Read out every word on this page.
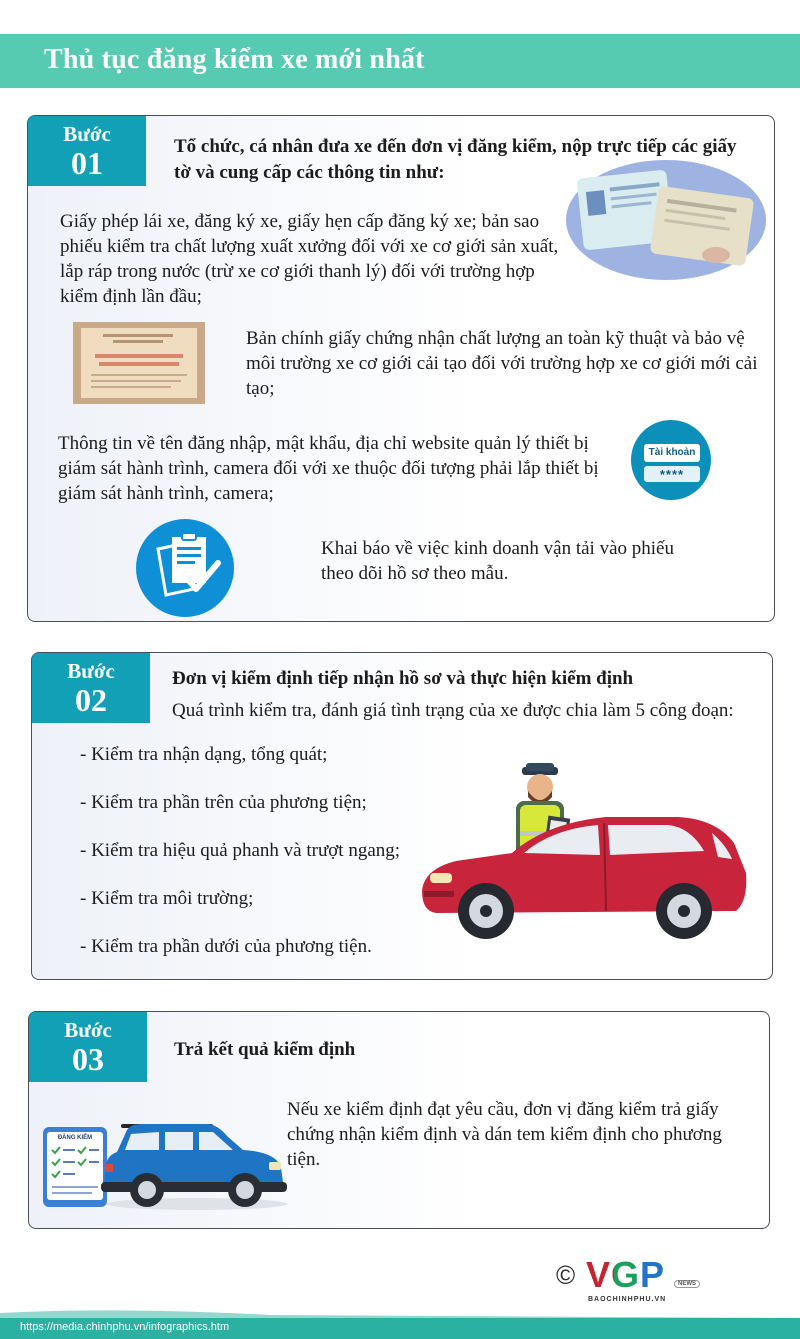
Thủ tục đăng kiểm xe mới nhất
Bước
01	Tổ chức, cá nhân đưa xe đến đơn vị đăng kiểm, nộp trực tiếp các giấy tờ và cung cấp các thông tin như:
Giấy phép lái xe, đăng ký xe, giấy hẹn cấp đăng ký xe; bản sao phiếu kiểm tra chất lượng xuất xưởng đối với xe cơ giới sản xuất, lắp ráp trong nước (trừ xe cơ giới thanh lý) đối với trường hợp kiểm định lần đầu;
Bản chính giấy chứng nhận chất lượng an toàn kỹ thuật và bảo vệ môi trường xe cơ giới cải tạo đối với trường hợp xe cơ giới mới cải tạo;
Thông tin về tên đăng nhập, mật khẩu, địa chỉ website quản lý thiết bị giám sát hành trình, camera đối với xe thuộc đối tượng phải lắp thiết bị giám sát hành trình, camera;
Tài khoản
****
Khai báo về việc kinh doanh vận tải vào phiếu theo dõi hồ sơ theo mẫu.
Bước
02
Đơn vị kiểm định tiếp nhận hồ sơ và thực hiện kiểm định
Quá trình kiểm tra, đánh giá tình trạng của xe được chia làm 5 công đoạn:
- Kiểm tra nhận dạng, tổng quát;
- Kiểm tra phần trên của phương tiện;
- Kiểm tra hiệu quả phanh và trượt ngang;
- Kiểm tra môi trường;
- Kiểm tra phần dưới của phương tiện.
Bước
03	Trả kết quả kiểm định
Nếu xe kiểm định đạt yêu cầu, đơn vị đăng kiểm trả giấy chứng nhận kiểm định và dán tem kiểm định cho phương tiện.
ĐĂNG KIỂM
© VGP	NEWS
BAOCHINHPHU.VN
https://media.chinhphu.vn/infographics.htm
